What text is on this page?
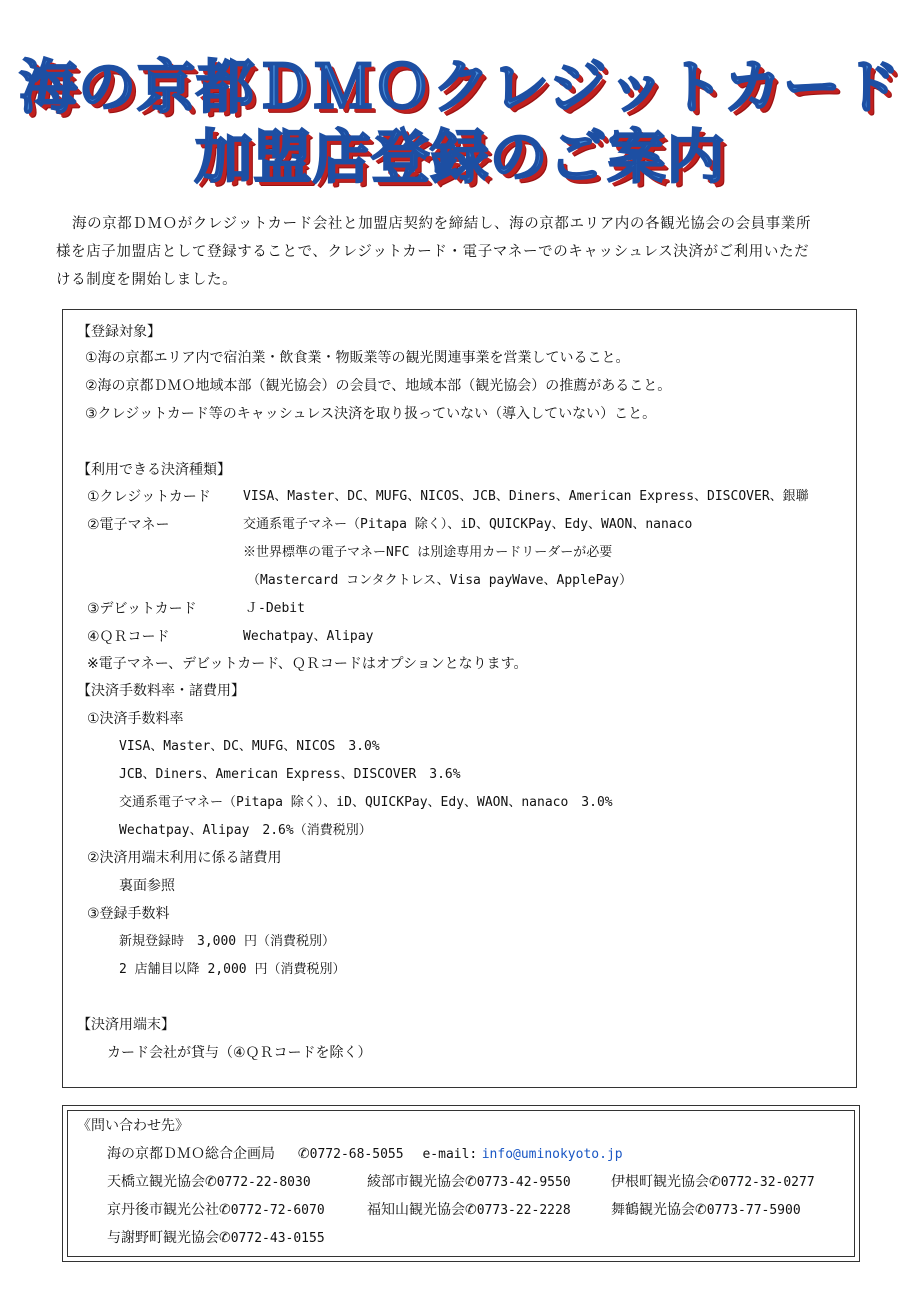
海の京都ＤＭＯクレジットカード
加盟店登録のご案内

海の京都ＤＭＯがクレジットカード会社と加盟店契約を締結し、海の京都エリア内の各観光協会の会員事業所

様を店子加盟店として登録することで、クレジットカード・電子マネーでのキャッシュレス決済がご利用いただ
ける制度を開始しました。
【登録対象】
①海の京都エリア内で宿泊業・飲食業・物販業等の観光関連事業を営業していること。
②海の京都ＤＭＯ地域本部（観光協会）の会員で、地域本部（観光協会）の推薦があること。
③クレジットカード等のキャッシュレス決済を取り扱っていない（導入していない）こと。
【利用できる決済種類】
①クレジットカード VISA、Master、DC、MUFG、NICOS、JCB、Diners、American Express、DISCOVER、銀聯
②電子マネー	交通系電子マネー（Pitapa 除く）、iD、QUICKPay、Edy、WAON、nanaco
※世界標準の電子マネーNFC は別途専用カードリーダーが必要
（Mastercard コンタクトレス、Visa payWave、ApplePay）
③デビットカード	Ｊ-Debit
④ＱＲコード	Wechatpay、Alipay
※電子マネー、デビットカード、ＱＲコードはオプションとなります。
【決済手数料率・諸費用】
①決済手数料率
VISA、Master、DC、MUFG、NICOS　3.0%
JCB、Diners、American Express、DISCOVER　3.6%
交通系電子マネー（Pitapa 除く）、iD、QUICKPay、Edy、WAON、nanaco　3.0%
Wechatpay、Alipay　2.6%（消費税別）
②決済用端末利用に係る諸費用
裏面参照
③登録手数料
新規登録時　3,000 円（消費税別）
2 店舗目以降 2,000 円（消費税別）
【決済用端末】
カード会社が貸与（④ＱＲコードを除く）
《問い合わせ先》
海の京都ＤＭＯ総合企画局 ✆0772-68-5055 e-mail: info@uminokyoto.jp
天橋立観光協会✆0772-22-8030	綾部市観光協会✆0773-42-9550	伊根町観光協会✆0772-32-0277
京丹後市観光公社✆0772-72-6070	福知山観光協会✆0773-22-2228	舞鶴観光協会✆0773-77-5900
与謝野町観光協会✆0772-43-0155
